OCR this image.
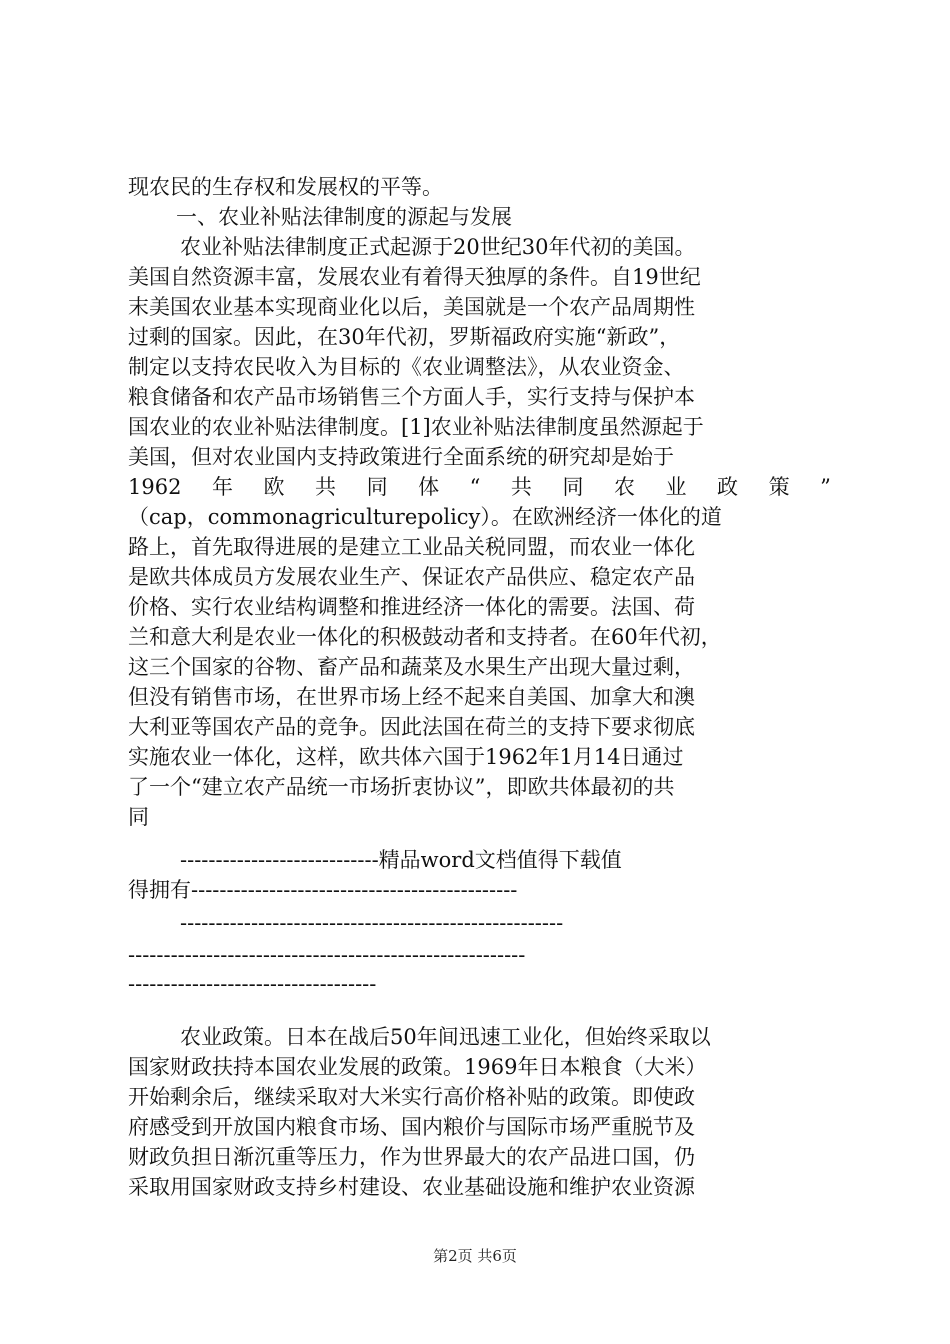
现农民的生存权和发展权的平等。
一、农业补贴法律制度的源起与发展
农业补贴法律制度正式起源于20世纪30年代初的美国。
美国自然资源丰富，发展农业有着得天独厚的条件。自19世纪
末美国农业基本实现商业化以后，美国就是一个农产品周期性
过剩的国家。因此，在30年代初，罗斯福政府实施“新政”，
制定以支持农民收入为目标的《农业调整法》，从农业资金、
粮食储备和农产品市场销售三个方面人手，实行支持与保护本
国农业的农业补贴法律制度。[1]农业补贴法律制度虽然源起于
美国，但对农业国内支持政策进行全面系统的研究却是始于
1962 年 欧 共 同 体 “ 共 同 农 业 政 策 ”
（cap，commonagriculturepolicy）。在欧洲经济一体化的道
路上，首先取得进展的是建立工业品关税同盟，而农业一体化
是欧共体成员方发展农业生产、保证农产品供应、稳定农产品
价格、实行农业结构调整和推进经济一体化的需要。法国、荷
兰和意大利是农业一体化的积极鼓动者和支持者。在60年代初，
这三个国家的谷物、畜产品和蔬菜及水果生产出现大量过剩，
但没有销售市场，在世界市场上经不起来自美国、加拿大和澳
大利亚等国农产品的竞争。因此法国在荷兰的支持下要求彻底
实施农业一体化，这样，欧共体六国于1962年1月14日通过
了一个“建立农产品统一市场折衷协议”，即欧共体最初的共
同
----------------------------精品word文档值得下载值
得拥有----------------------------------------------
------------------------------------------------------
--------------------------------------------------------
-----------------------------------
农业政策。日本在战后50年间迅速工业化，但始终采取以
国家财政扶持本国农业发展的政策。1969年日本粮食（大米）
开始剩余后，继续采取对大米实行高价格补贴的政策。即使政
府感受到开放国内粮食市场、国内粮价与国际市场严重脱节及
财政负担日渐沉重等压力，作为世界最大的农产品进口国，仍
采取用国家财政支持乡村建设、农业基础设施和维护农业资源
第2页 共6页
